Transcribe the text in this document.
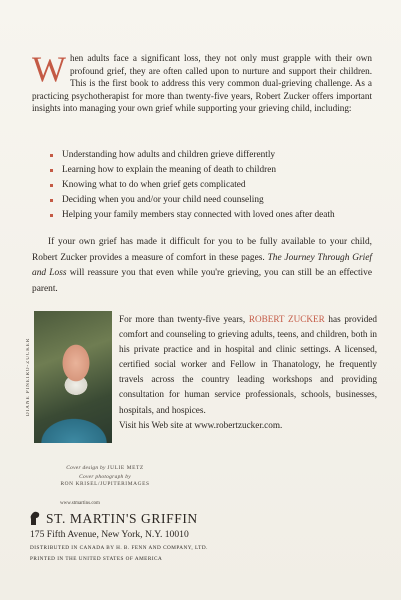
When adults face a significant loss, they not only must grapple with their own profound grief, they are often called upon to nurture and support their children. This is the first book to address this very common dual-grieving challenge. As a practicing psychotherapist for more than twenty-five years, Robert Zucker offers important insights into managing your own grief while supporting your grieving child, including:
Understanding how adults and children grieve differently
Learning how to explain the meaning of death to children
Knowing what to do when grief gets complicated
Deciding when you and/or your child need counseling
Helping your family members stay connected with loved ones after death
If your own grief has made it difficult for you to be fully available to your child, Robert Zucker provides a measure of comfort in these pages. The Journey Through Grief and Loss will reassure you that even while you're grieving, you can still be an effective parent.
DIANE PINEIRO-ZUCKER
For more than twenty-five years, ROBERT ZUCKER has provided comfort and counseling to grieving adults, teens, and children, both in his private practice and in hospital and clinic settings. A licensed, certified social worker and Fellow in Thanatology, he frequently travels across the country leading workshops and providing consultation for human service professionals, schools, businesses, hospitals, and hospices.
Visit his Web site at www.robertzucker.com.
Cover design by JULIE METZ
Cover photograph by
RON KRISEL/JUPITERIMAGES
www.stmartins.com
ST. MARTIN'S GRIFFIN
175 Fifth Avenue, New York, N.Y. 10010
DISTRIBUTED IN CANADA BY H. B. FENN AND COMPANY, LTD.
PRINTED IN THE UNITED STATES OF AMERICA
